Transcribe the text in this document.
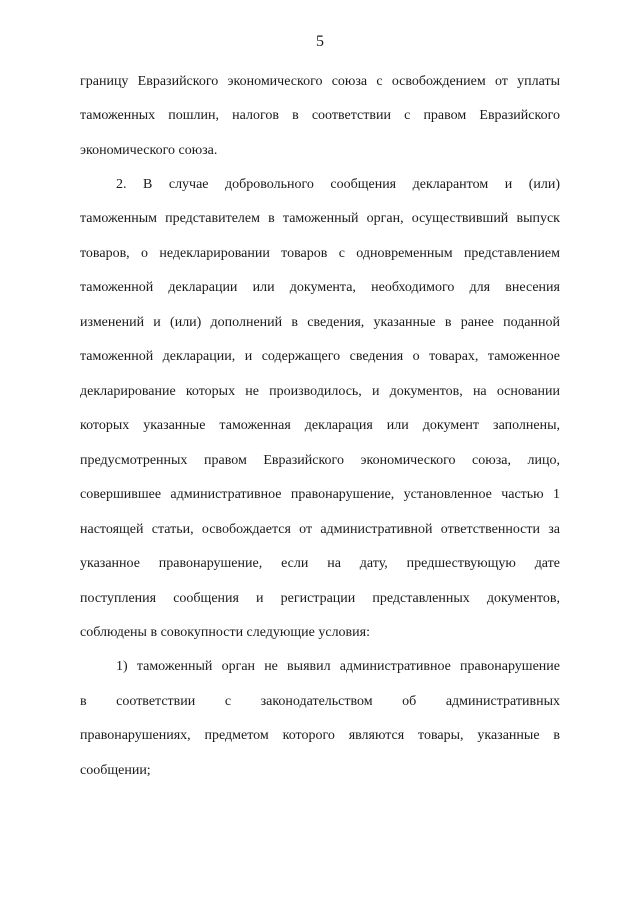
5
границу Евразийского экономического союза с освобождением от уплаты
таможенных пошлин, налогов в соответствии с правом Евразийского
экономического союза.
2. В случае добровольного сообщения декларантом и (или)
таможенным представителем в таможенный орган, осуществивший выпуск
товаров, о недекларировании товаров с одновременным представлением
таможенной декларации или документа, необходимого для внесения
изменений и (или) дополнений в сведения, указанные в ранее поданной
таможенной декларации, и содержащего сведения о товарах, таможенное
декларирование которых не производилось, и документов, на основании
которых указанные таможенная декларация или документ заполнены,
предусмотренных правом Евразийского экономического союза, лицо,
совершившее административное правонарушение, установленное частью 1
настоящей статьи, освобождается от административной ответственности за
указанное правонарушение, если на дату, предшествующую дате
поступления сообщения и регистрации представленных документов,
соблюдены в совокупности следующие условия:
1) таможенный орган не выявил административное правонарушение
в соответствии с законодательством об административных
правонарушениях, предметом которого являются товары, указанные в
сообщении;
